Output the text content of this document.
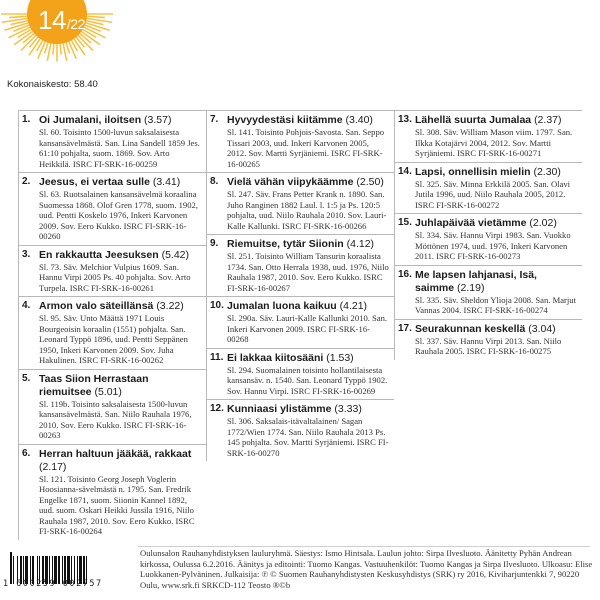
14/22
Kokonaiskesto: 58.40
1. Oi Jumalani, iloitsen (3.57)
Sl. 60. Toisinto 1500-luvun saksalaisesta kansansävelmästä. San. Lina Sandell 1859 Jes. 61:10 pohjalta, suom. 1869. Sov. Arto Heikkilä. ISRC FI-SRK-16-00259
2. Jeesus, ei vertaa sulle (3.41)
Sl. 63. Ruotsalainen kansansävelmä koraalina Suomessa 1868. Olof Gren 1778, suom. 1902, uud. Pentti Koskelo 1976, Inkeri Karvonen 2009. Sov. Eero Kukko. ISRC FI-SRK-16-00260
3. En rakkautta Jeesuksen (5.42)
Sl. 73. Säv. Melchior Vulpius 1609. San. Hannu Virpi 2005 Ps. 40 pohjalta. Sov. Arto Turpela. ISRC FI-SRK-16-00261
4. Armon valo säteillänsä (3.22)
Sl. 95. Säv. Unto Määttä 1971 Louis Bourgeoisin koraalin (1551) pohjalta. San. Leonard Typpö 1896, uud. Pentti Seppänen 1950, Inkeri Karvonen 2009. Sov. Juha Hakulinen. ISRC FI-SRK-16-00262
5. Taas Siion Herrastaan riemuitsee (5.01)
Sl. 119b. Toisinto saksalaisesta 1500-luvun kansansävelmästä. San. Niilo Rauhala 1976, 2010. Sov. Eero Kukko. ISRC FI-SRK-16-00263
6. Herran haltuun jääkää, rakkaat (2.17)
Sl. 121. Toisinto Georg Joseph Voglerin Hoosianna-sävelmästä n. 1795. San. Fredrik Engelke 1871, suom. Siionin Kannel 1892, uud. suom. Oskari Heikki Jussila 1916, Niilo Rauhala 1987, 2010. Sov. Eero Kukko. ISRC FI-SRK-16-00264
7. Hyvyydestäsi kiitämme (3.40)
Sl. 141. Toisinto Pohjois-Savosta. San. Seppo Tissari 2003, uud. Inkeri Karvonen 2005, 2012. Sov. Martti Syrjäniemi. ISRC FI-SRK-16-00265
8. Vielä vähän viipykäämme (2.50)
Sl. 247. Säv. Frans Petter Krank n. 1890. San. Juho Ranginen 1882 Laul. l. 1:5 ja Ps. 120:5 pohjalta, uud. Niilo Rauhala 2010. Sov. Lauri-Kalle Kallunki. ISRC FI-SRK-16-00266
9. Riemuitse, tytär Siionin (4.12)
Sl. 251. Toisinto William Tansurin koraalista 1734. San. Otto Herrala 1938, uud. 1976, Niilo Rauhala 1987, 2010. Sov. Eero Kukko. ISRC FI-SRK-16-00267
10. Jumalan luona kaikuu (4.21)
Sl. 290a. Säv. Lauri-Kalle Kallunki 2010. San. Inkeri Karvonen 2009. ISRC FI-SRK-16-00268
11. Ei lakkaa kiitosääni (1.53)
Sl. 294. Suomalainen toisinto hollantilaisesta kansansäv. n. 1540. San. Leonard Typpö 1902. Sov. Hannu Virpi. ISRC FI-SRK-16-00269
12. Kunniaasi ylistämme (3.33)
Sl. 306. Saksalais-itävaltalainen/ Sagan 1772/Wien 1774. San. Niilo Rauhala 2013 Ps. 145 pohjalta. Sov. Martti Syrjäniemi. ISRC FI-SRK-16-00270
13. Lähellä suurta Jumalaa (2.37)
Sl. 308. Säv. William Mason viim. 1797. San. Ilkka Kotajärvi 2004, 2012. Sov. Martti Syrjäniemi. ISRC FI-SRK-16-00271
14. Lapsi, onnellisin mielin (2.30)
Sl. 325. Säv. Minna Erkkilä 2005. San. Olavi Jutila 1996, uud. Niilo Rauhala 2005, 2012. ISRC FI-SRK-16-00272
15. Juhlapäivää vietämme (2.02)
Sl. 334. Säv. Hannu Virpi 1983. San. Vuokko Möttönen 1974, uud. 1976, Inkeri Karvonen 2011. ISRC FI-SRK-16-00273
16. Me lapsen lahjanasi, Isä, saimme (2.19)
Sl. 335. Säv. Sheldon Ylioja 2008. San. Marjut Vannas 2004. ISRC FI-SRK-16-00274
17. Seurakunnan keskellä (3.04)
Sl. 337. Säv. Hannu Virpi 2013. San. Niilo Rauhala 2005. ISRC FI-SRK-16-00275
1 600259 002757
Oulunsalon Rauhanyhdistyksen lauluryhmä. Säestys: Ismo Hintsala. Laulun johto: Sirpa Ilvesluoto. Äänitetty Pyhän Andrean kirkossa, Oulussa 6.2.2016. Äänitys ja editointi: Tuomo Kangas. Vastuuhenkilöt: Tuomo Kangas ja Sirpa Ilvesluoto. Ulkoasu: Elise Luokkanen-Pylväninen. Julkaisija: ℗ © Suomen Rauhanyhdistysten Keskusyhdistys (SRK) ry 2016, Kiviharjuntenkki 7, 90220 Oulu, www.srk.fi SRKCD-112 Teosto ®©b
